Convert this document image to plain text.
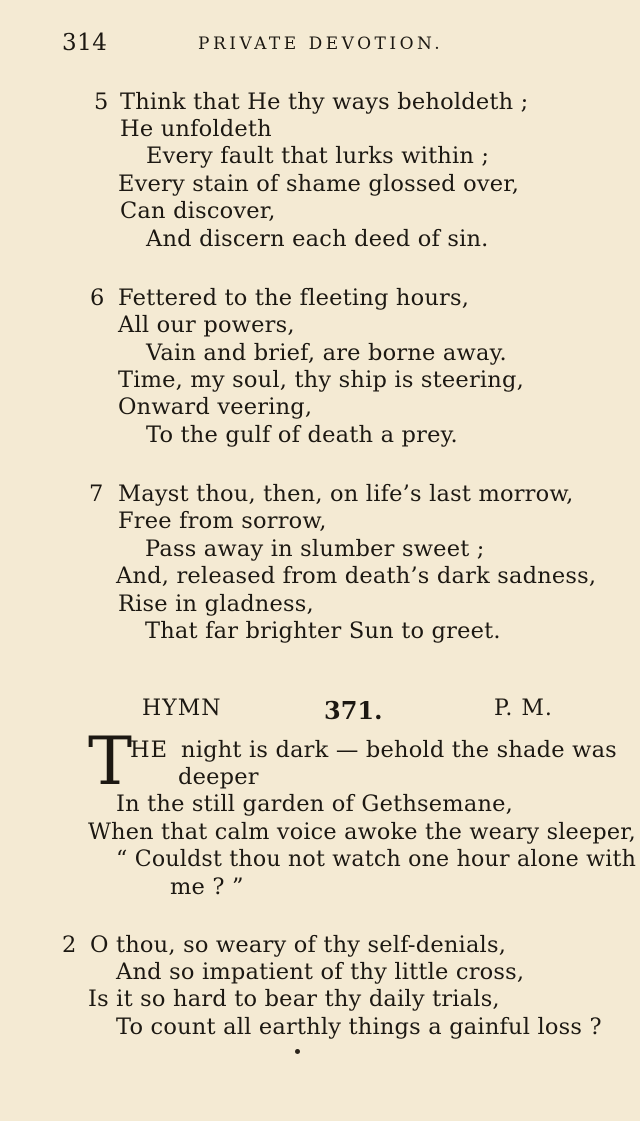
314	PRIVATE DEVOTION.
5 Think that He thy ways beholdeth ;
He unfoldeth
Every fault that lurks within ;
Every stain of shame glossed over,
Can discover,
And discern each deed of sin.
6 Fettered to the fleeting hours,
All our powers,
Vain and brief, are borne away.
Time, my soul, thy ship is steering,
Onward veering,
To the gulf of death a prey.
7 Mayst thou, then, on life’s last morrow,
Free from sorrow,
Pass away in slumber sweet ;
And, released from death’s dark sadness,
Rise in gladness,
That far brighter Sun to greet.
HYMN	371.	P. M.
T
HE night is dark — behold the shade was
deeper
In the still garden of Gethsemane,
When that calm voice awoke the weary sleeper,
“ Couldst thou not watch one hour alone with
me ? ”
2 O thou, so weary of thy self-denials,
And so impatient of thy little cross,
Is it so hard to bear thy daily trials,
To count all earthly things a gainful loss ?
